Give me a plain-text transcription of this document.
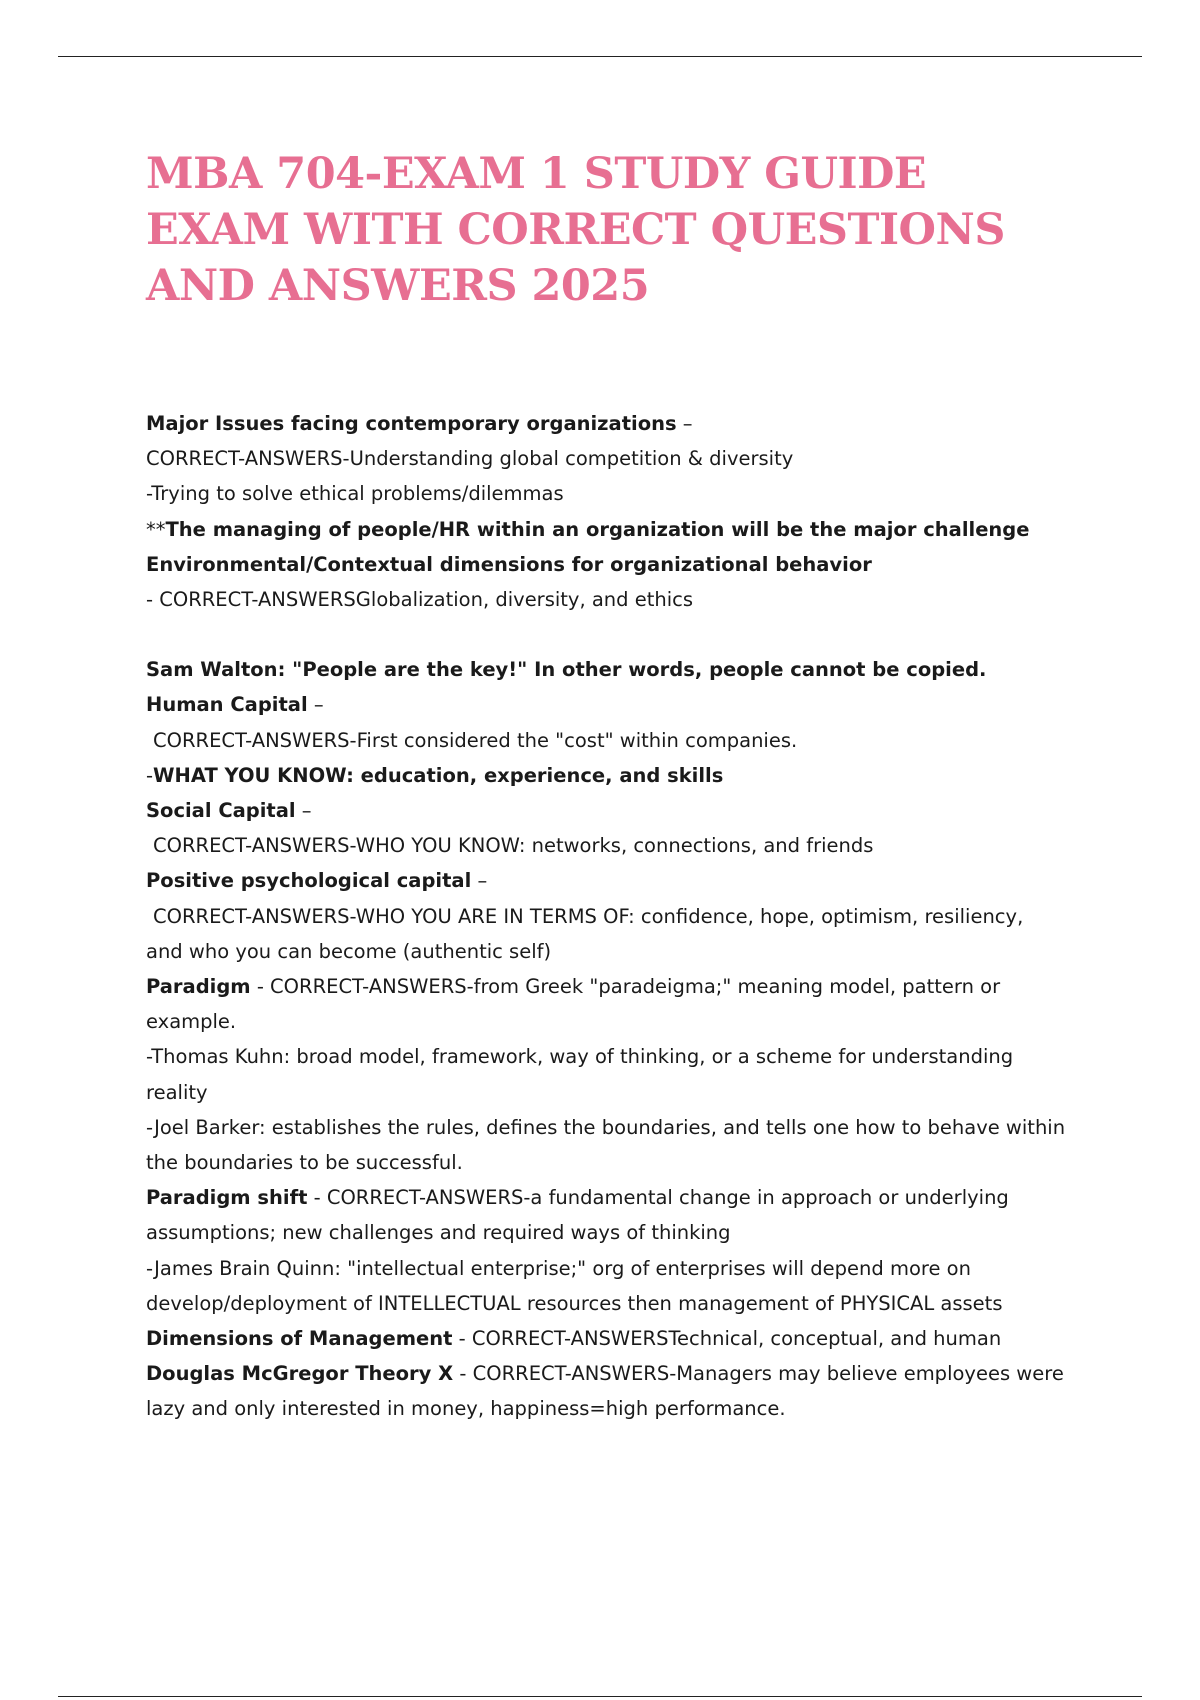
MBA 704-EXAM 1 STUDY GUIDE EXAM WITH CORRECT QUESTIONS AND ANSWERS 2025
Major Issues facing contemporary organizations –
CORRECT-ANSWERS-Understanding global competition & diversity
-Trying to solve ethical problems/dilemmas
**The managing of people/HR within an organization will be the major challenge
Environmental/Contextual dimensions for organizational behavior
- CORRECT-ANSWERSGlobalization, diversity, and ethics
Sam Walton: "People are the key!" In other words, people cannot be copied.
Human Capital –
CORRECT-ANSWERS-First considered the "cost" within companies.
-WHAT YOU KNOW: education, experience, and skills
Social Capital –
CORRECT-ANSWERS-WHO YOU KNOW: networks, connections, and friends
Positive psychological capital –
CORRECT-ANSWERS-WHO YOU ARE IN TERMS OF: confidence, hope, optimism, resiliency, and who you can become (authentic self)
Paradigm - CORRECT-ANSWERS-from Greek "paradeigma;" meaning model, pattern or example.
-Thomas Kuhn: broad model, framework, way of thinking, or a scheme for understanding reality
-Joel Barker: establishes the rules, defines the boundaries, and tells one how to behave within the boundaries to be successful.
Paradigm shift - CORRECT-ANSWERS-a fundamental change in approach or underlying assumptions; new challenges and required ways of thinking
-James Brain Quinn: "intellectual enterprise;" org of enterprises will depend more on develop/deployment of INTELLECTUAL resources then management of PHYSICAL assets
Dimensions of Management - CORRECT-ANSWERSTechnical, conceptual, and human
Douglas McGregor Theory X - CORRECT-ANSWERS-Managers may believe employees were lazy and only interested in money, happiness=high performance.
